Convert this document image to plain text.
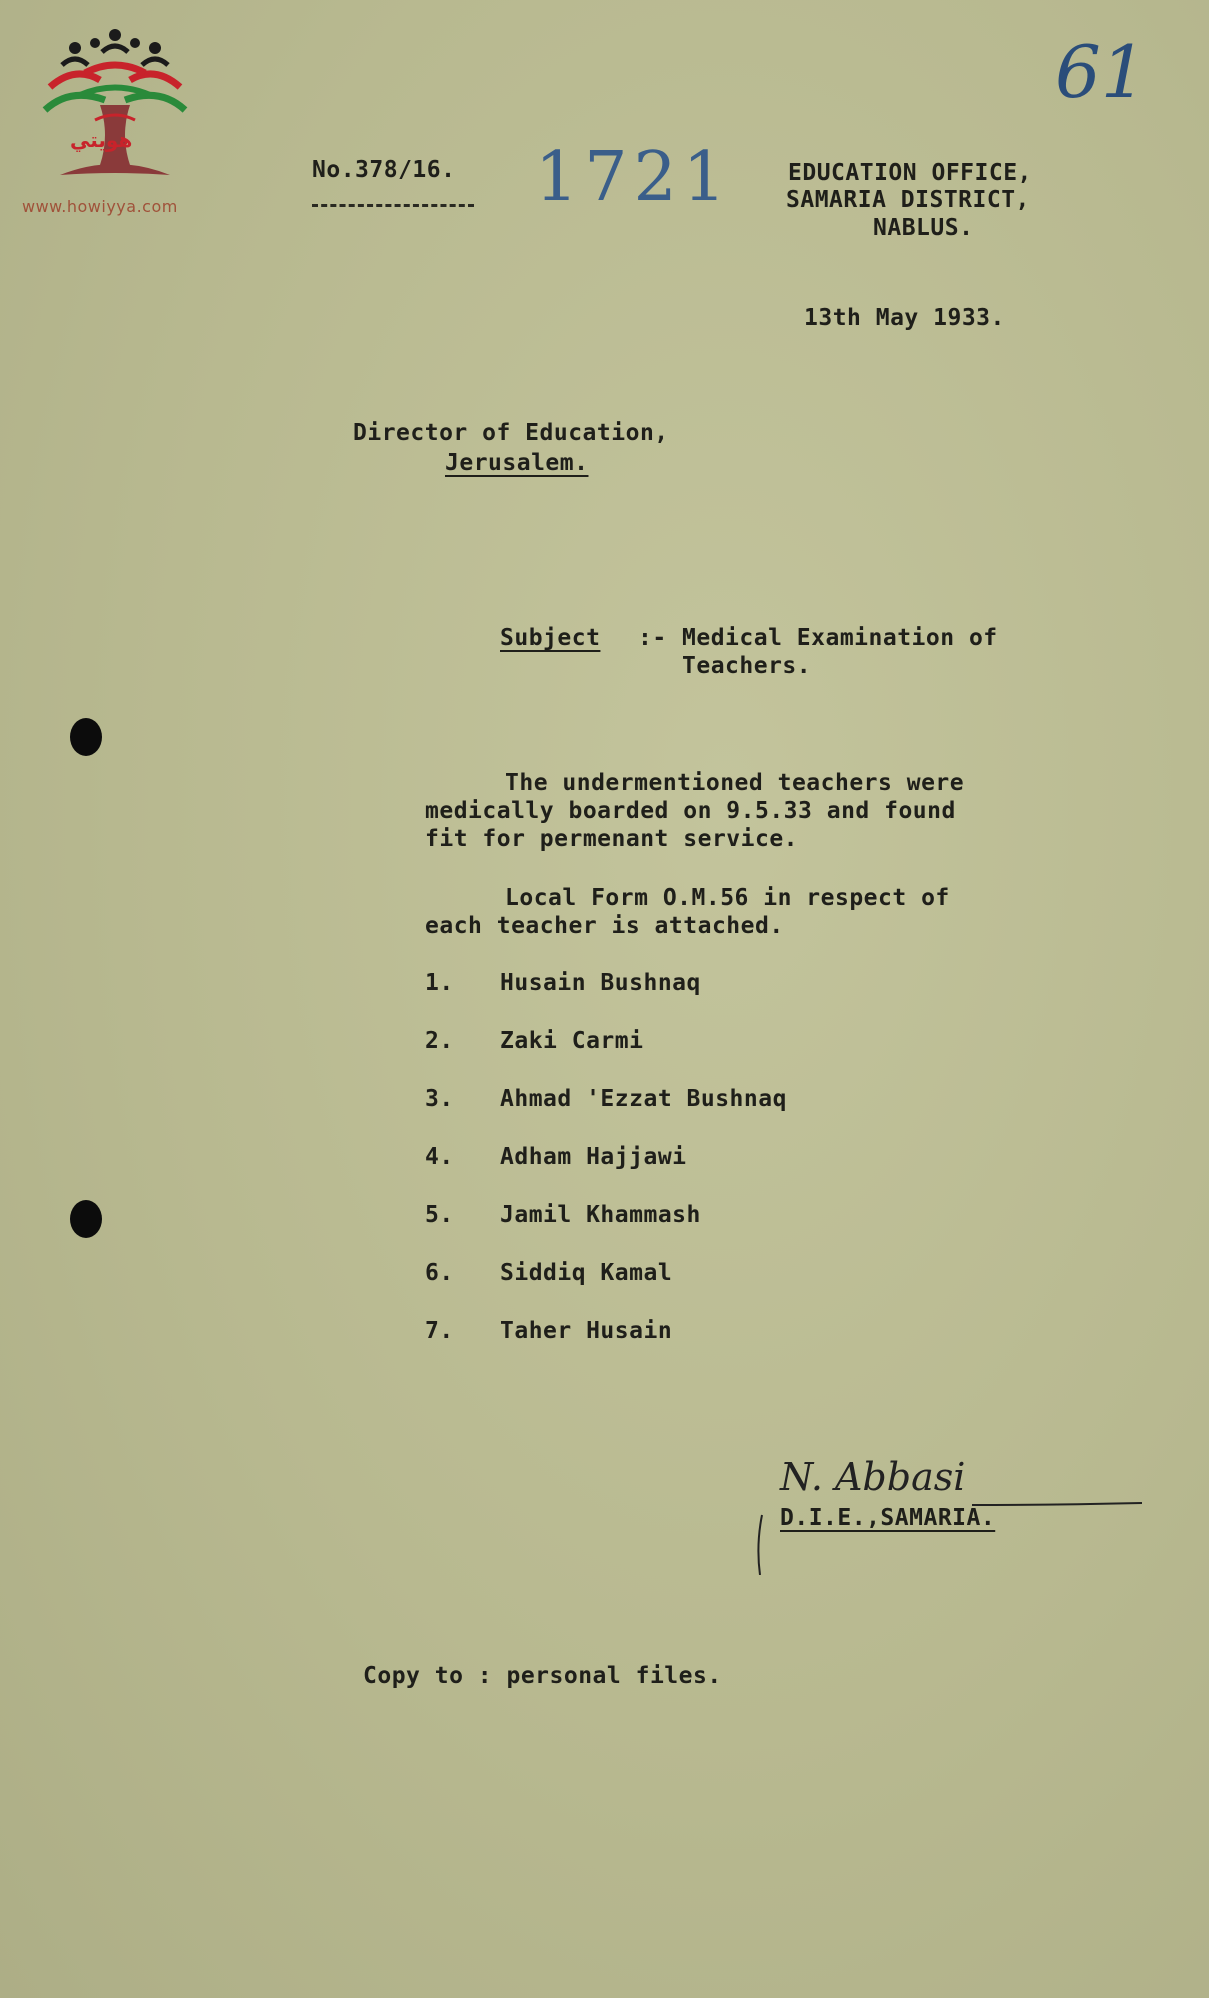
هويتي
www.howiyya.com
61
No.378/16. 1721 EDUCATION OFFICE,
SAMARIA DISTRICT,
NABLUS.
13th May 1933.
Director of Education,
Jerusalem.
Subject :- Medical Examination of
Teachers.
The undermentioned teachers were
medically boarded on 9.5.33 and found
fit for permenant service.
Local Form O.M.56 in respect of
each teacher is attached.
1. Husain Bushnaq
2. Zaki Carmi
3. Ahmad 'Ezzat Bushnaq
4. Adham Hajjawi
5. Jamil Khammash
6. Siddiq Kamal
7. Taher Husain
N. Abbasi
D.I.E.,SAMARIA.
Copy to : personal files.
